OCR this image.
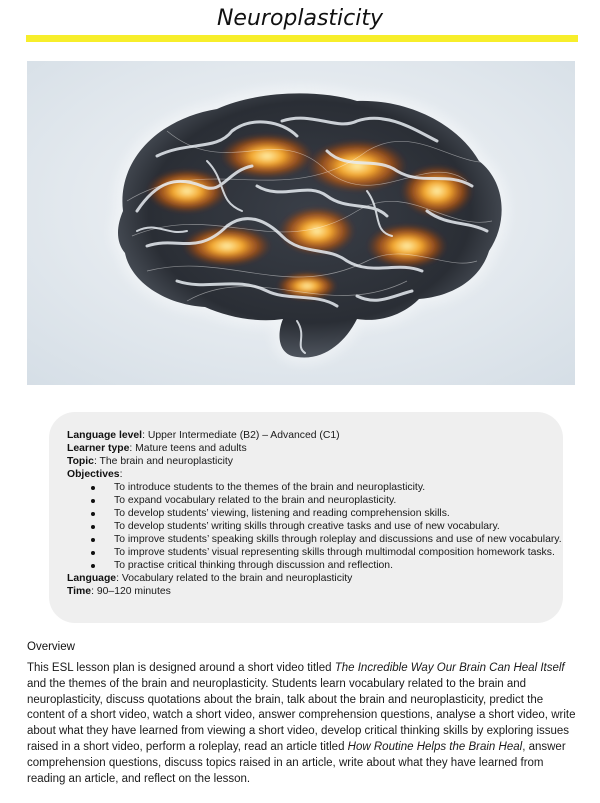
Neuroplasticity
Language level: Upper Intermediate (B2) – Advanced (C1)
Learner type: Mature teens and adults
Topic: The brain and neuroplasticity
Objectives:
To introduce students to the themes of the brain and neuroplasticity.
To expand vocabulary related to the brain and neuroplasticity.
To develop students’ viewing, listening and reading comprehension skills.
To develop students’ writing skills through creative tasks and use of new vocabulary.
To improve students’ speaking skills through roleplay and discussions and use of new vocabulary.
To improve students’ visual representing skills through multimodal composition homework tasks.
To practise critical thinking through discussion and reflection.
Language: Vocabulary related to the brain and neuroplasticity
Time: 90–120 minutes
Overview

This ESL lesson plan is designed around a short video titled The Incredible Way Our Brain Can Heal Itself and the themes of the brain and neuroplasticity. Students learn vocabulary related to the brain and neuroplasticity, discuss quotations about the brain, talk about the brain and neuroplasticity, predict the content of a short video, watch a short video, answer comprehension questions, analyse a short video, write about what they have learned from viewing a short video, develop critical thinking skills by exploring issues raised in a short video, perform a roleplay, read an article titled How Routine Helps the Brain Heal, answer comprehension questions, discuss topics raised in an article, write about what they have learned from reading an article, and reflect on the lesson.
